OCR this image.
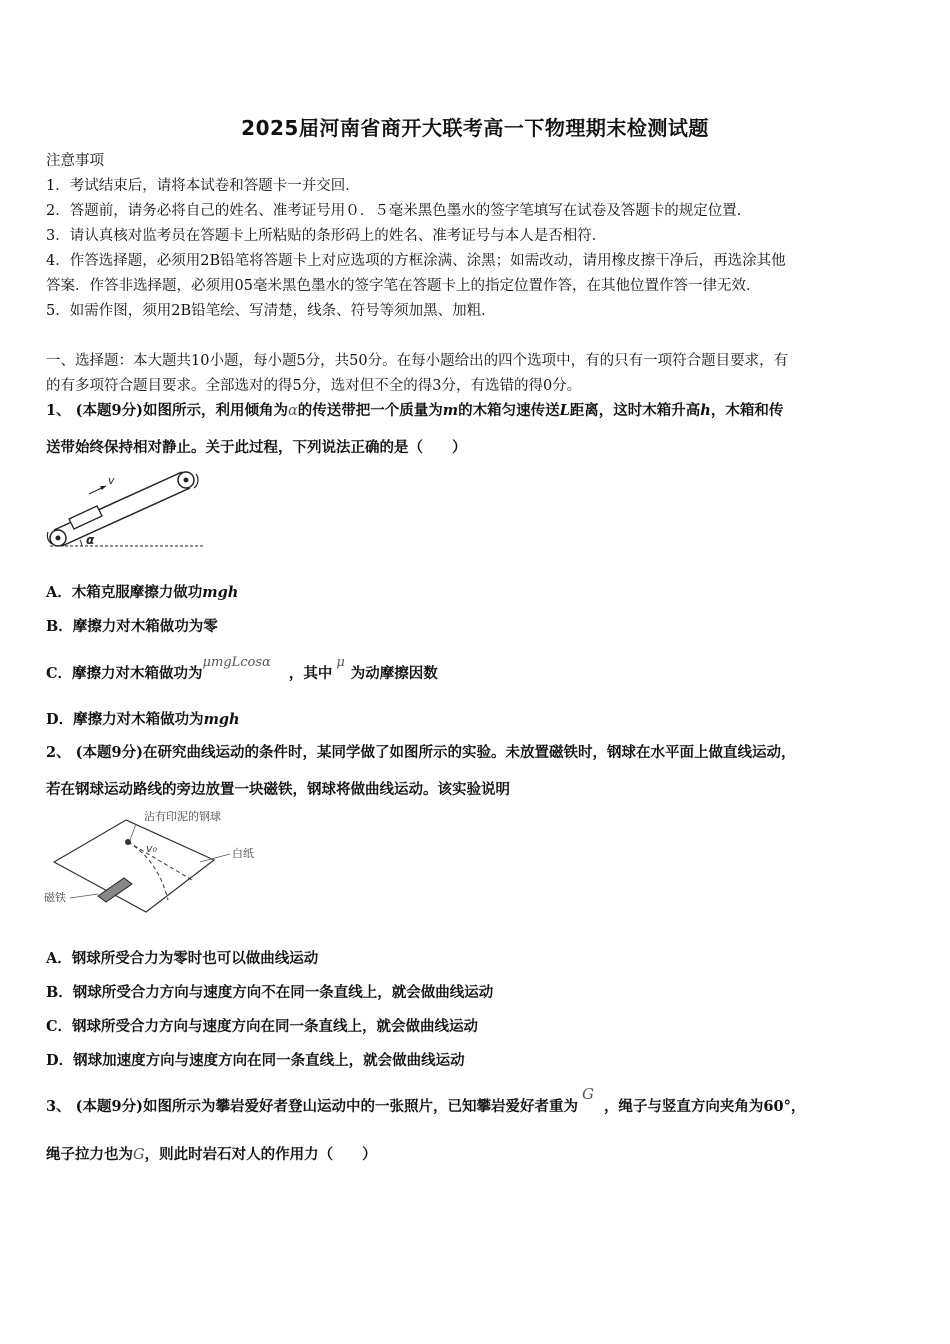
2025届河南省商开大联考高一下物理期末检测试题
注意事项
1．考试结束后，请将本试卷和答题卡一并交回．
2．答题前，请务必将自己的姓名、准考证号用０．５毫米黑色墨水的签字笔填写在试卷及答题卡的规定位置．
3．请认真核对监考员在答题卡上所粘贴的条形码上的姓名、准考证号与本人是否相符．
4．作答选择题，必须用2B铅笔将答题卡上对应选项的方框涂满、涂黑；如需改动，请用橡皮擦干净后，再选涂其他
答案．作答非选择题，必须用05毫米黑色墨水的签字笔在答题卡上的指定位置作答，在其他位置作答一律无效．
5．如需作图，须用2B铅笔绘、写清楚，线条、符号等须加黑、加粗．
一、选择题：本大题共10小题，每小题5分，共50分。在每小题给出的四个选项中，有的只有一项符合题目要求，有
的有多项符合题目要求。全部选对的得5分，选对但不全的得3分，有选错的得0分。
1、 (本题9分)如图所示，利用倾角为α的传送带把一个质量为m的木箱匀速传送L距离，这时木箱升高h，木箱和传
送带始终保持相对静止。关于此过程，下列说法正确的是（　　）
v
α
A．木箱克服摩擦力做功mgh
B．摩擦力对木箱做功为零
C．摩擦力对木箱做功为μmgLcosα，其中μ为动摩擦因数
D．摩擦力对木箱做功为mgh
2、 (本题9分)在研究曲线运动的条件时，某同学做了如图所示的实验。未放置磁铁时，钢球在水平面上做直线运动，
若在钢球运动路线的旁边放置一块磁铁，钢球将做曲线运动。该实验说明
沾有印泥的钢球
白纸
磁铁
v₀
A．钢球所受合力为零时也可以做曲线运动
B．钢球所受合力方向与速度方向不在同一条直线上，就会做曲线运动
C．钢球所受合力方向与速度方向在同一条直线上，就会做曲线运动
D．钢球加速度方向与速度方向在同一条直线上，就会做曲线运动
3、 (本题9分)如图所示为攀岩爱好者登山运动中的一张照片，已知攀岩爱好者重为G，绳子与竖直方向夹角为60°，
绳子拉力也为G，则此时岩石对人的作用力（　　）
